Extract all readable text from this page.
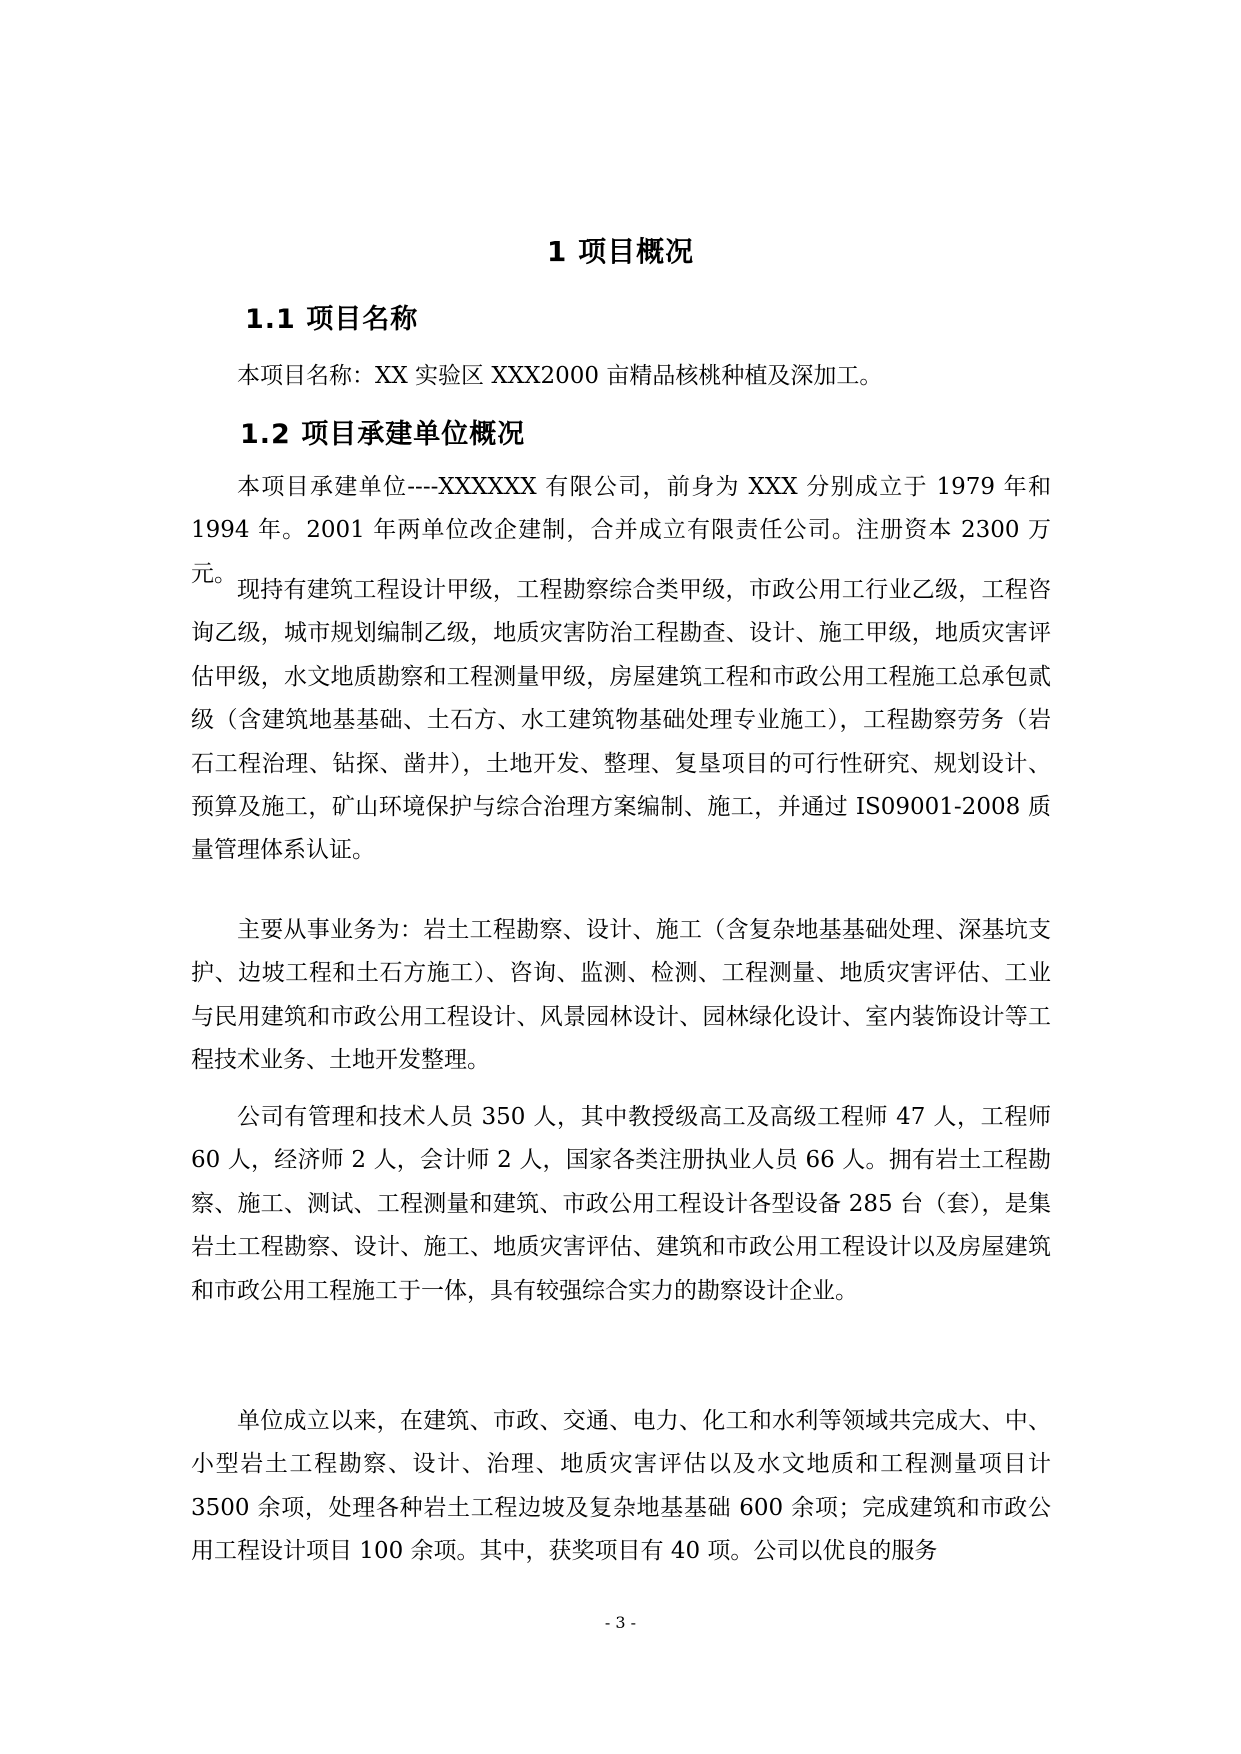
1 项目概况
1.1 项目名称

本项目名称：XX 实验区 XXX2000 亩精品核桃种植及深加工。

1.2 项目承建单位概况

本项目承建单位----XXXXXX 有限公司，前身为 XXX 分别成立于 1979 年和 1994 年。2001 年两单位改企建制，合并成立有限责任公司。注册资本 2300 万元。

现持有建筑工程设计甲级，工程勘察综合类甲级，市政公用工行业乙级，工程咨询乙级，城市规划编制乙级，地质灾害防治工程勘查、设计、施工甲级，地质灾害评估甲级，水文地质勘察和工程测量甲级，房屋建筑工程和市政公用工程施工总承包贰级（含建筑地基基础、土石方、水工建筑物基础处理专业施工），工程勘察劳务（岩石工程治理、钻探、凿井），土地开发、整理、复垦项目的可行性研究、规划设计、预算及施工，矿山环境保护与综合治理方案编制、施工，并通过 IS09001-2008 质量管理体系认证。

主要从事业务为：岩土工程勘察、设计、施工（含复杂地基基础处理、深基坑支护、边坡工程和土石方施工）、咨询、监测、检测、工程测量、地质灾害评估、工业与民用建筑和市政公用工程设计、风景园林设计、园林绿化设计、室内装饰设计等工程技术业务、土地开发整理。

公司有管理和技术人员 350 人，其中教授级高工及高级工程师 47 人，工程师 60 人，经济师 2 人，会计师 2 人，国家各类注册执业人员 66 人。拥有岩土工程勘察、施工、测试、工程测量和建筑、市政公用工程设计各型设备 285 台（套），是集岩土工程勘察、设计、施工、地质灾害评估、建筑和市政公用工程设计以及房屋建筑和市政公用工程施工于一体，具有较强综合实力的勘察设计企业。

单位成立以来，在建筑、市政、交通、电力、化工和水利等领域共完成大、中、小型岩土工程勘察、设计、治理、地质灾害评估以及水文地质和工程测量项目计 3500 余项，处理各种岩土工程边坡及复杂地基基础 600 余项；完成建筑和市政公用工程设计项目 100 余项。其中，获奖项目有 40 项。公司以优良的服务

- 3 -
